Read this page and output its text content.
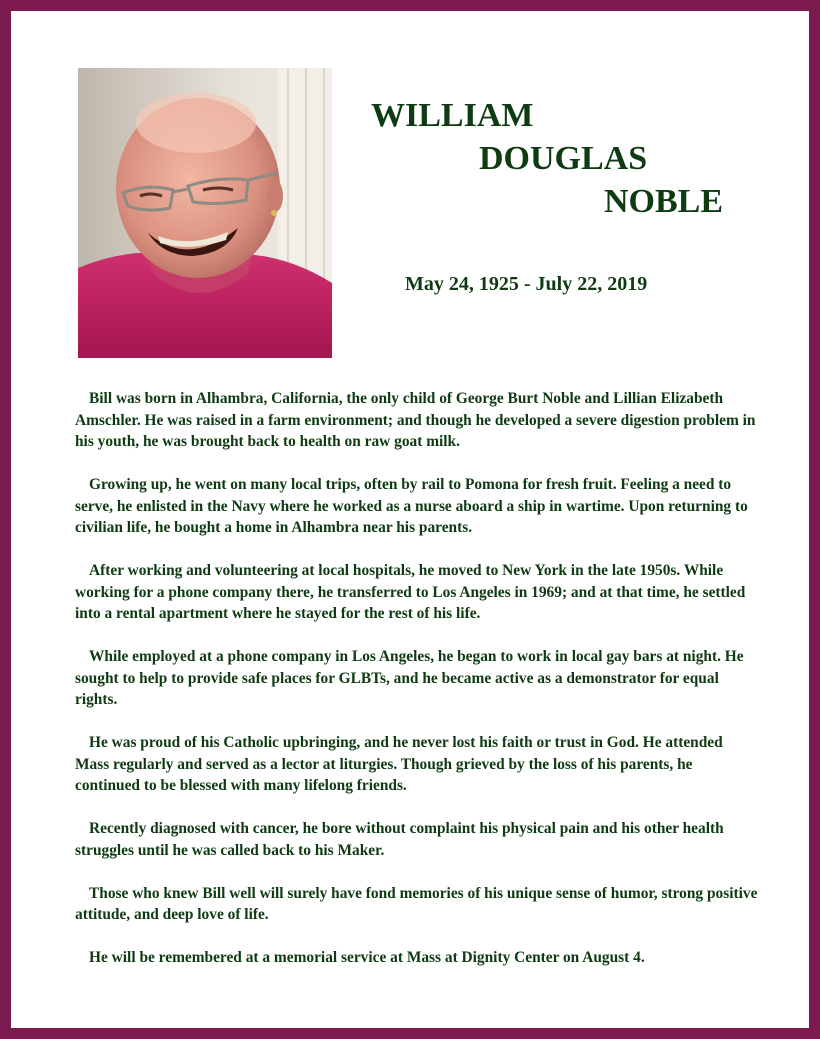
WILLIAM
DOUGLAS
NOBLE
May 24, 1925 - July 22, 2019

Bill was born in Alhambra, California, the only child of George Burt Noble and Lillian Elizabeth Amschler. He was raised in a farm environment; and though he developed a severe digestion problem in his youth, he was brought back to health on raw goat milk.

Growing up, he went on many local trips, often by rail to Pomona for fresh fruit. Feeling a need to serve, he enlisted in the Navy where he worked as a nurse aboard a ship in wartime. Upon returning to civilian life, he bought a home in Alhambra near his parents.

After working and volunteering at local hospitals, he moved to New York in the late 1950s. While working for a phone company there, he transferred to Los Angeles in 1969; and at that time, he settled into a rental apartment where he stayed for the rest of his life.

While employed at a phone company in Los Angeles, he began to work in local gay bars at night. He sought to help to provide safe places for GLBTs, and he became active as a demonstrator for equal rights.

He was proud of his Catholic upbringing, and he never lost his faith or trust in God. He attended Mass regularly and served as a lector at liturgies. Though grieved by the loss of his parents, he continued to be blessed with many lifelong friends.

Recently diagnosed with cancer, he bore without complaint his physical pain and his other health struggles until he was called back to his Maker.

Those who knew Bill well will surely have fond memories of his unique sense of humor, strong positive attitude, and deep love of life.

He will be remembered at a memorial service at Mass at Dignity Center on August 4.
